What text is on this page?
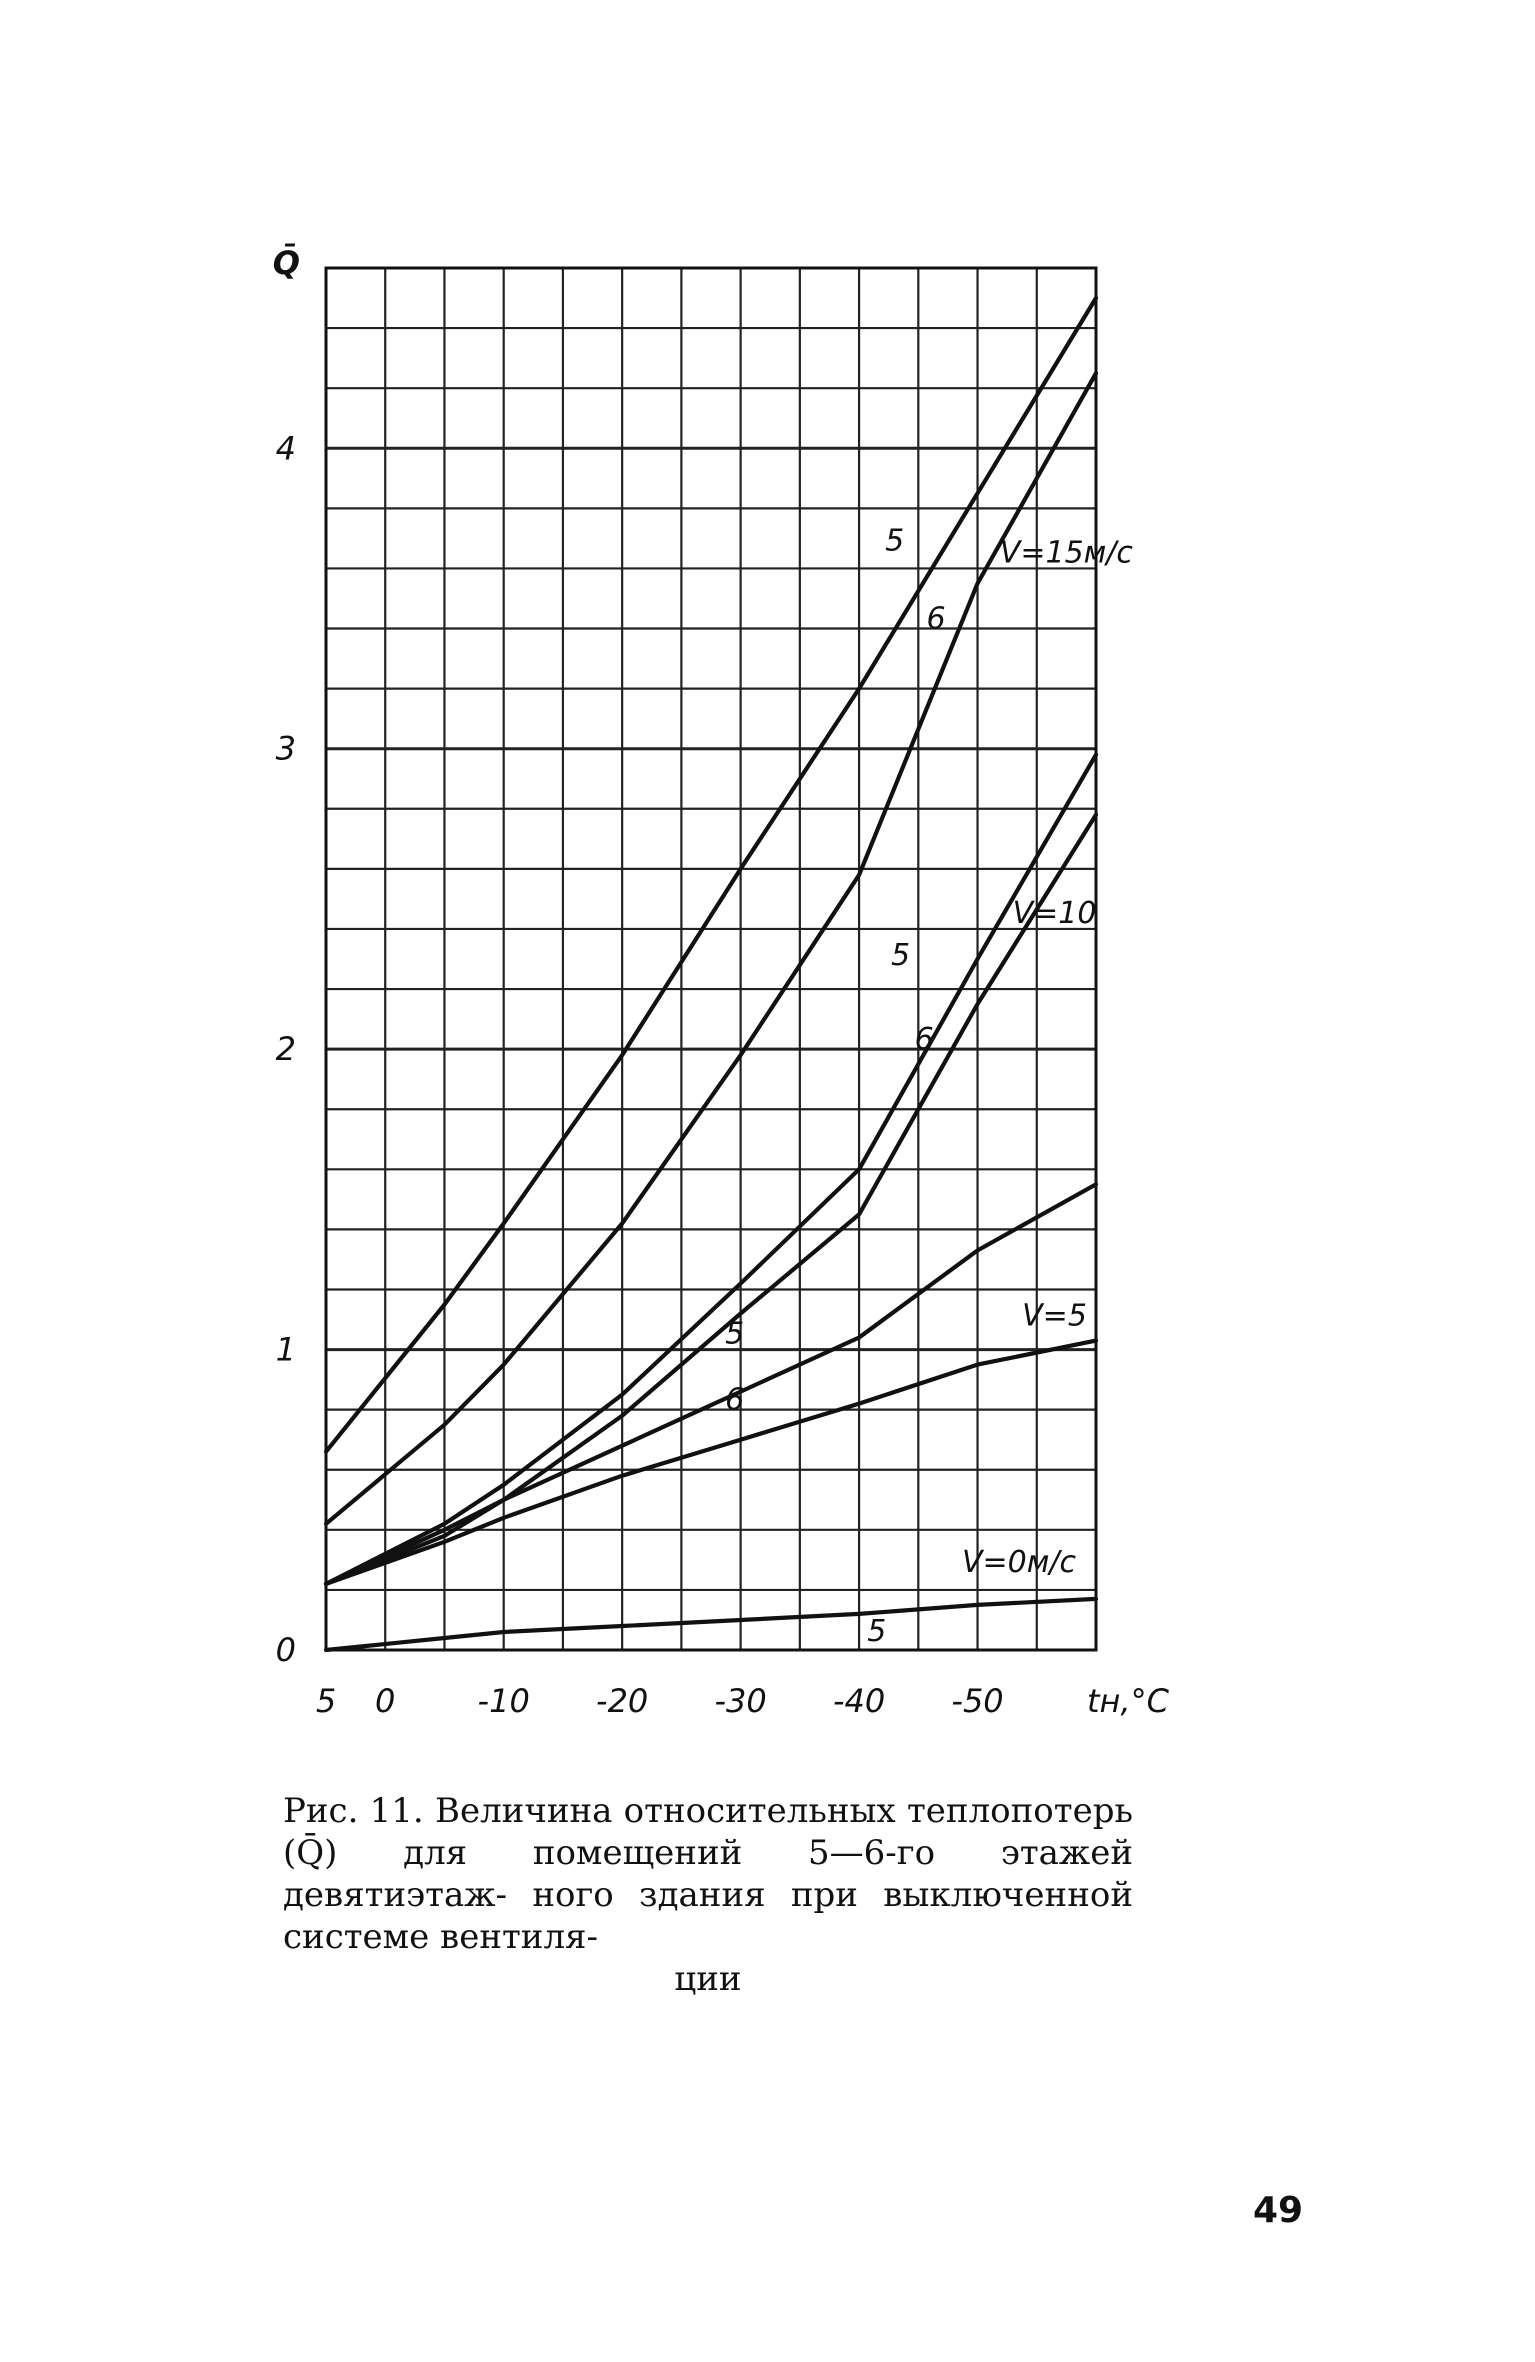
5 0	-10 -20 -30 -40 -50
0
1
2
3
4
Q̄
tн,°C
V=15м/с
V=10
V=5
V=0м/с
5
6
5
6
5
6
5
Рис. 11. Величина относительных теплопотерь (Q̄) для помещений 5—6-го этажей девятиэтаж- ного здания при выключенной системе вентиля-
ции
49
